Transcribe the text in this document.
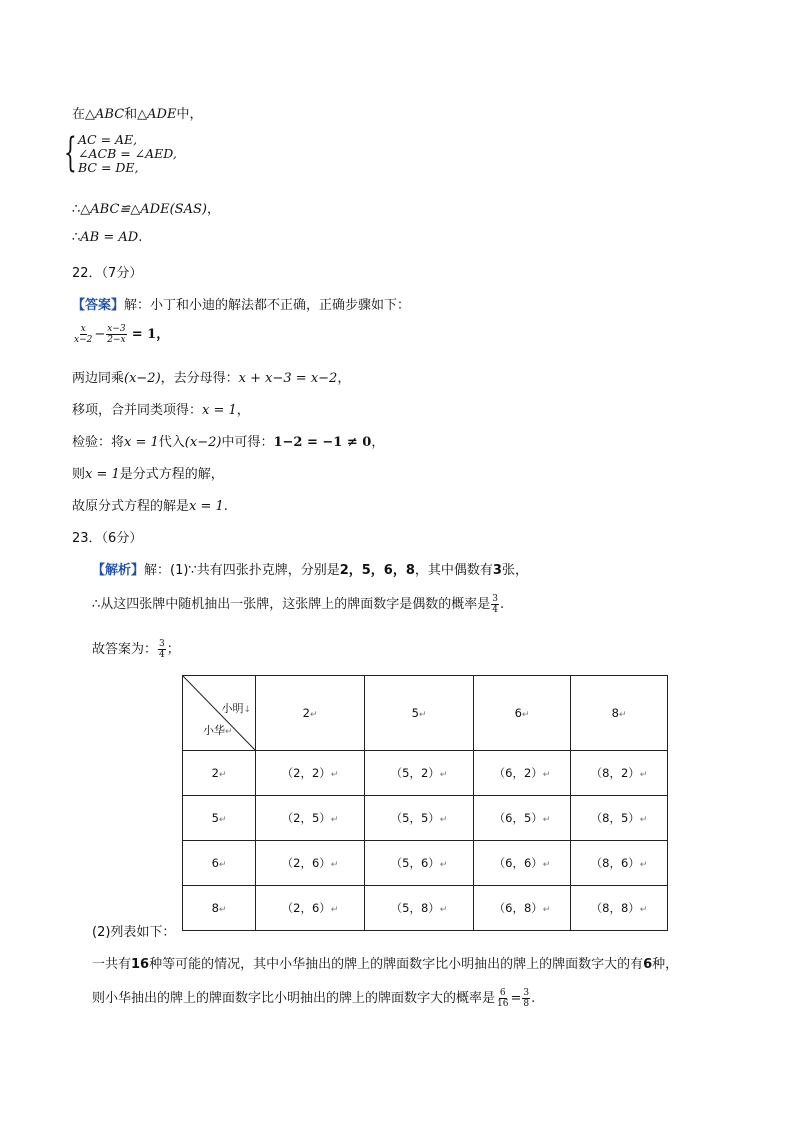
在△ABC和△ADE中，
{ AC = AE,
∠ACB = ∠AED,
BC = DE,
∴△ABC≌△ADE(SAS)，
∴AB = AD.
22．（7分）
【答案】解：小丁和小迪的解法都不正确，正确步骤如下：
$\frac{x}{x-2} - \frac{x-3}{2-x} = 1$，
两边同乘(x−2)，去分母得：x + x−3 = x−2，
移项，合并同类项得：x = 1，
检验：将x = 1代入(x−2)中可得：1−2 = −1 ≠ 0，
则x = 1是分式方程的解，
故原分式方程的解是x = 1.
23．（6分）
【解析】解：(1)∵共有四张扑克牌，分别是2，5，6，8，其中偶数有3张，
∴从这四张牌中随机抽出一张牌，这张牌上的牌面数字是偶数的概率是 $\frac{3}{4}$ .
故答案为： $\frac{3}{4}$ ；
小明↓
小华↵	2↵	5↵	6↵	8↵
2↵	（2，2）↵	（5，2）↵	（6，2）↵	（8，2）↵
5↵	（2，5）↵	（5，5）↵	（6，5）↵	（8，5）↵
6↵	（2，6）↵	（5，6）↵	（6，6）↵	（8，6）↵
8↵	（2，6）↵	（5，8）↵	（6，8）↵	（8，8）↵
(2)列表如下：
一共有16种等可能的情况，其中小华抽出的牌上的牌面数字比小明抽出的牌上的牌面数字大的有6种，
则小华抽出的牌上的牌面数字比小明抽出的牌上的牌面数字大的概率是 $\frac{6}{16} = \frac{3}{8}$ .
